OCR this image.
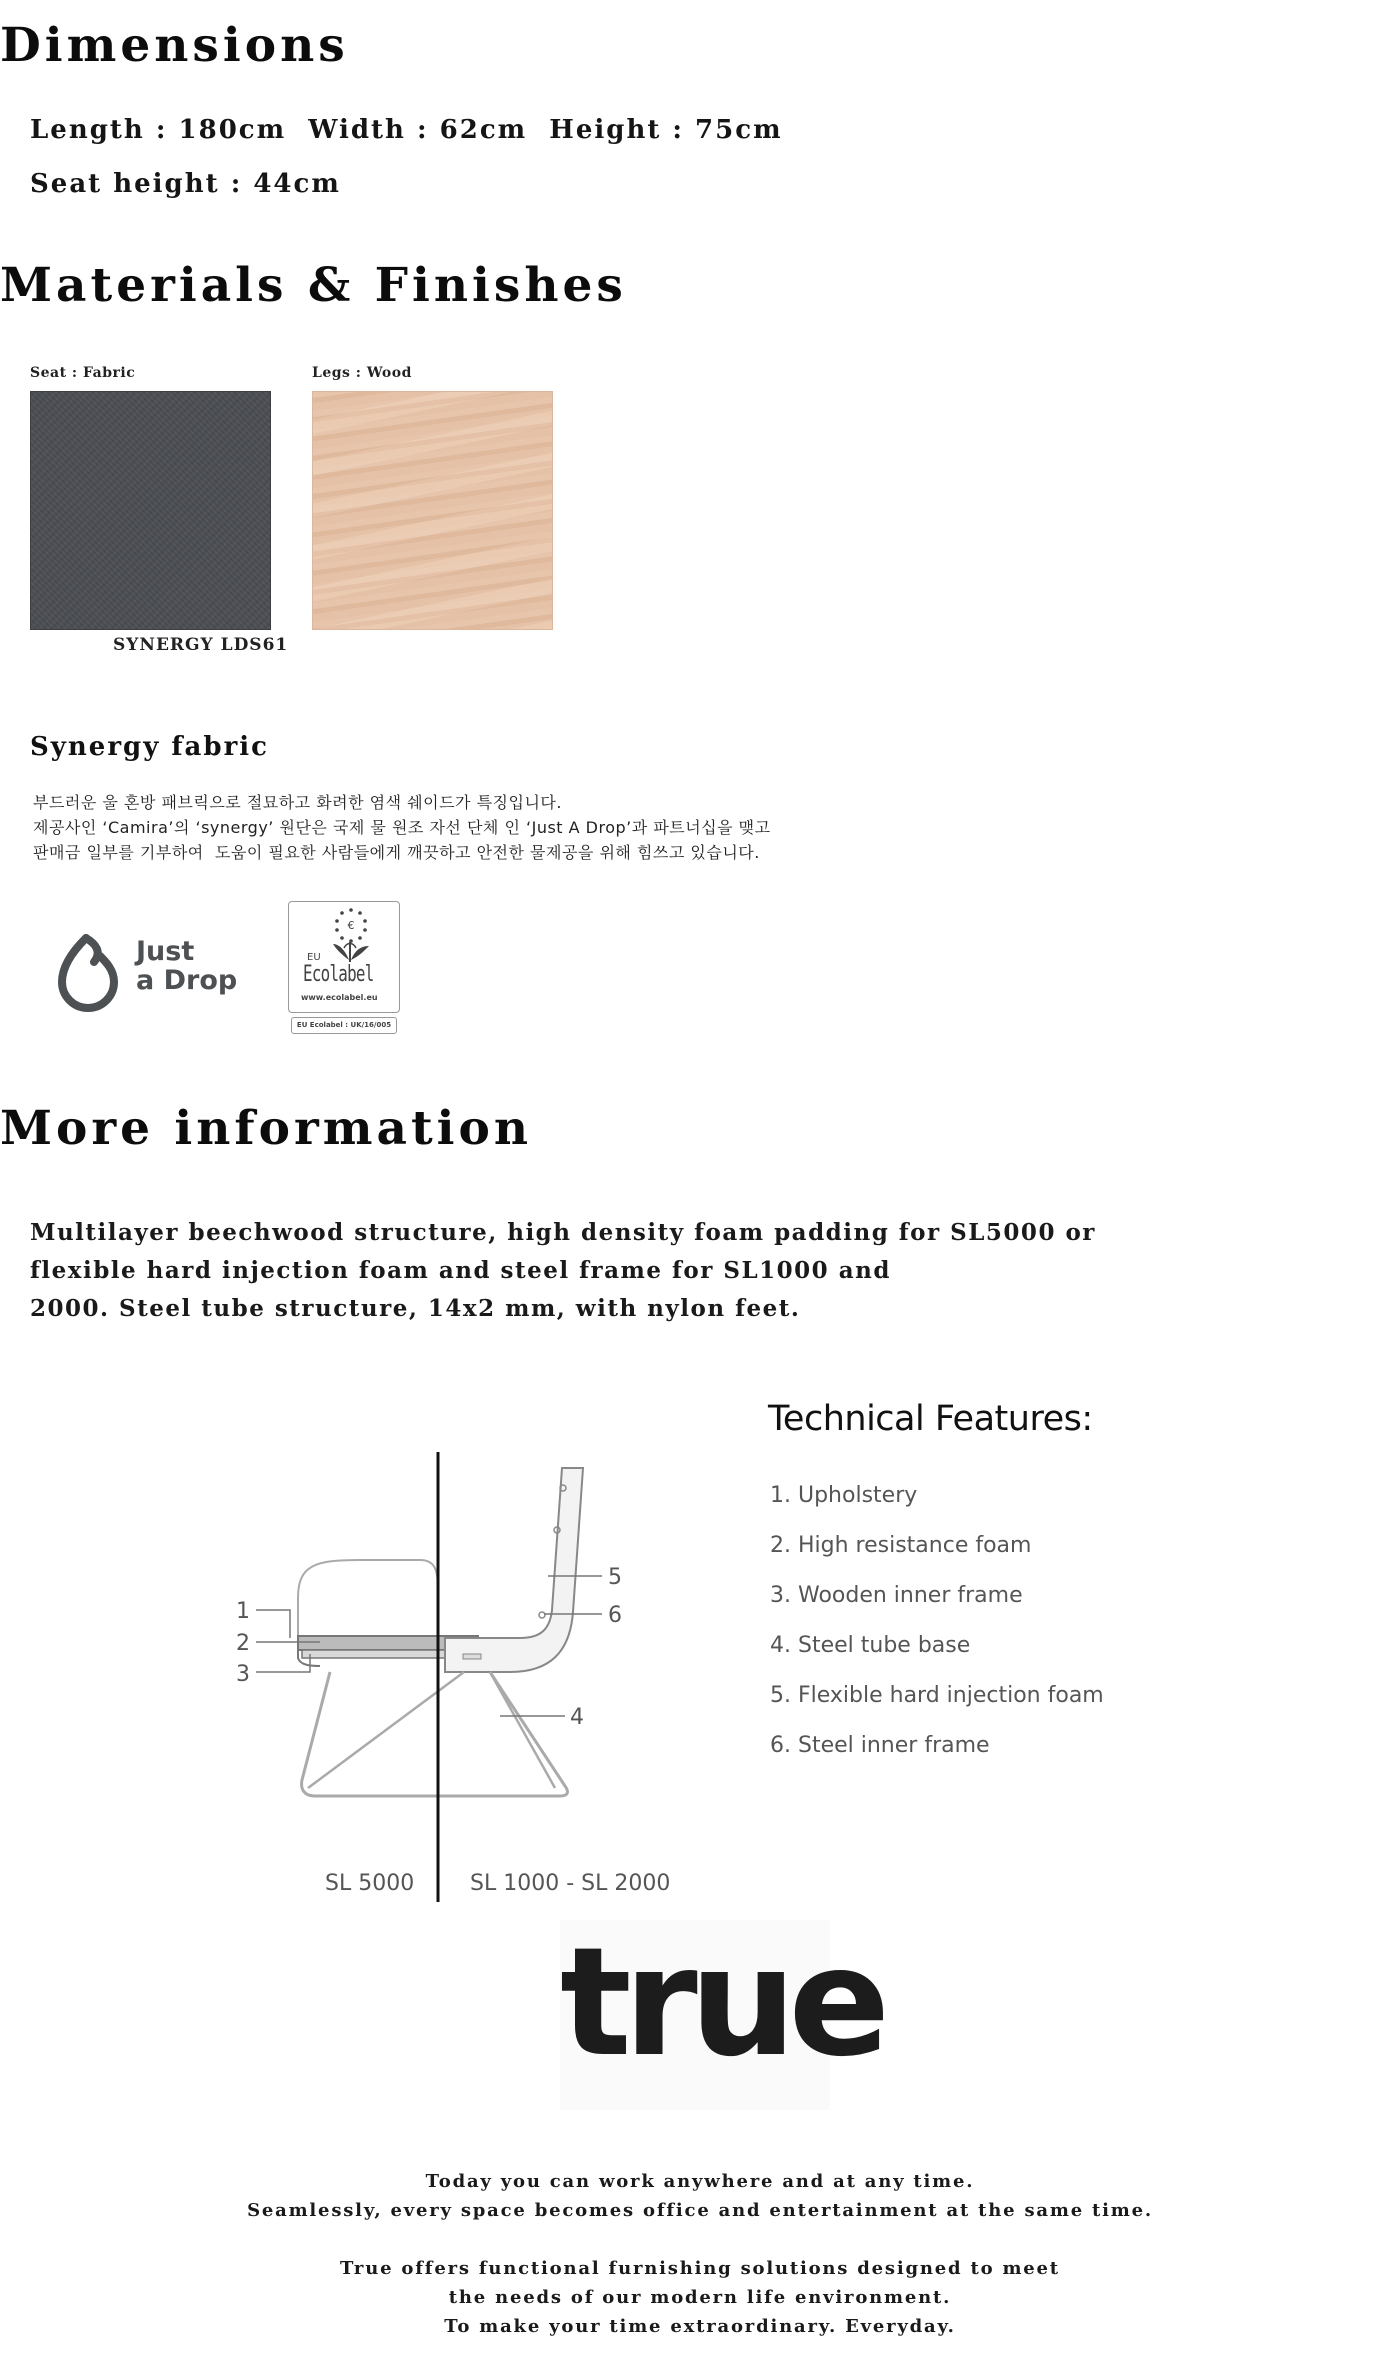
Dimensions
Length : 180cm  Width : 62cm  Height : 75cm
Seat height : 44cm
Materials & Finishes
Seat : Fabric	Legs : Wood
SYNERGY LDS61
Synergy fabric
부드러운 울 혼방 패브릭으로 절묘하고 화려한 염색 쉐이드가 특징입니다.
제공사인 ‘Camira’의 ‘synergy’ 원단은 국제 물 원조 자선 단체 인 ‘Just A Drop’과 파트너십을 맺고
판매금 일부를 기부하여  도움이 필요한 사람들에게 깨끗하고 안전한 물제공을 위해 힘쓰고 있습니다.
Just
a Drop
€
EU
Ecolabel
www.ecolabel.eu
EU Ecolabel : UK/16/005
More information
Multilayer beechwood structure, high density foam padding for SL5000 or
flexible hard injection foam and steel frame for SL1000 and
2000. Steel tube structure, 14x2 mm, with nylon feet.
1
2
3
4
5
6
SL 5000	SL 1000 - SL 2000
Technical Features:
1. Upholstery
2. High resistance foam
3. Wooden inner frame
4. Steel tube base
5. Flexible hard injection foam
6. Steel inner frame
true
Today you can work anywhere and at any time.
Seamlessly, every space becomes office and entertainment at the same time.
True offers functional furnishing solutions designed to meet
the needs of our modern life environment.
To make your time extraordinary. Everyday.
